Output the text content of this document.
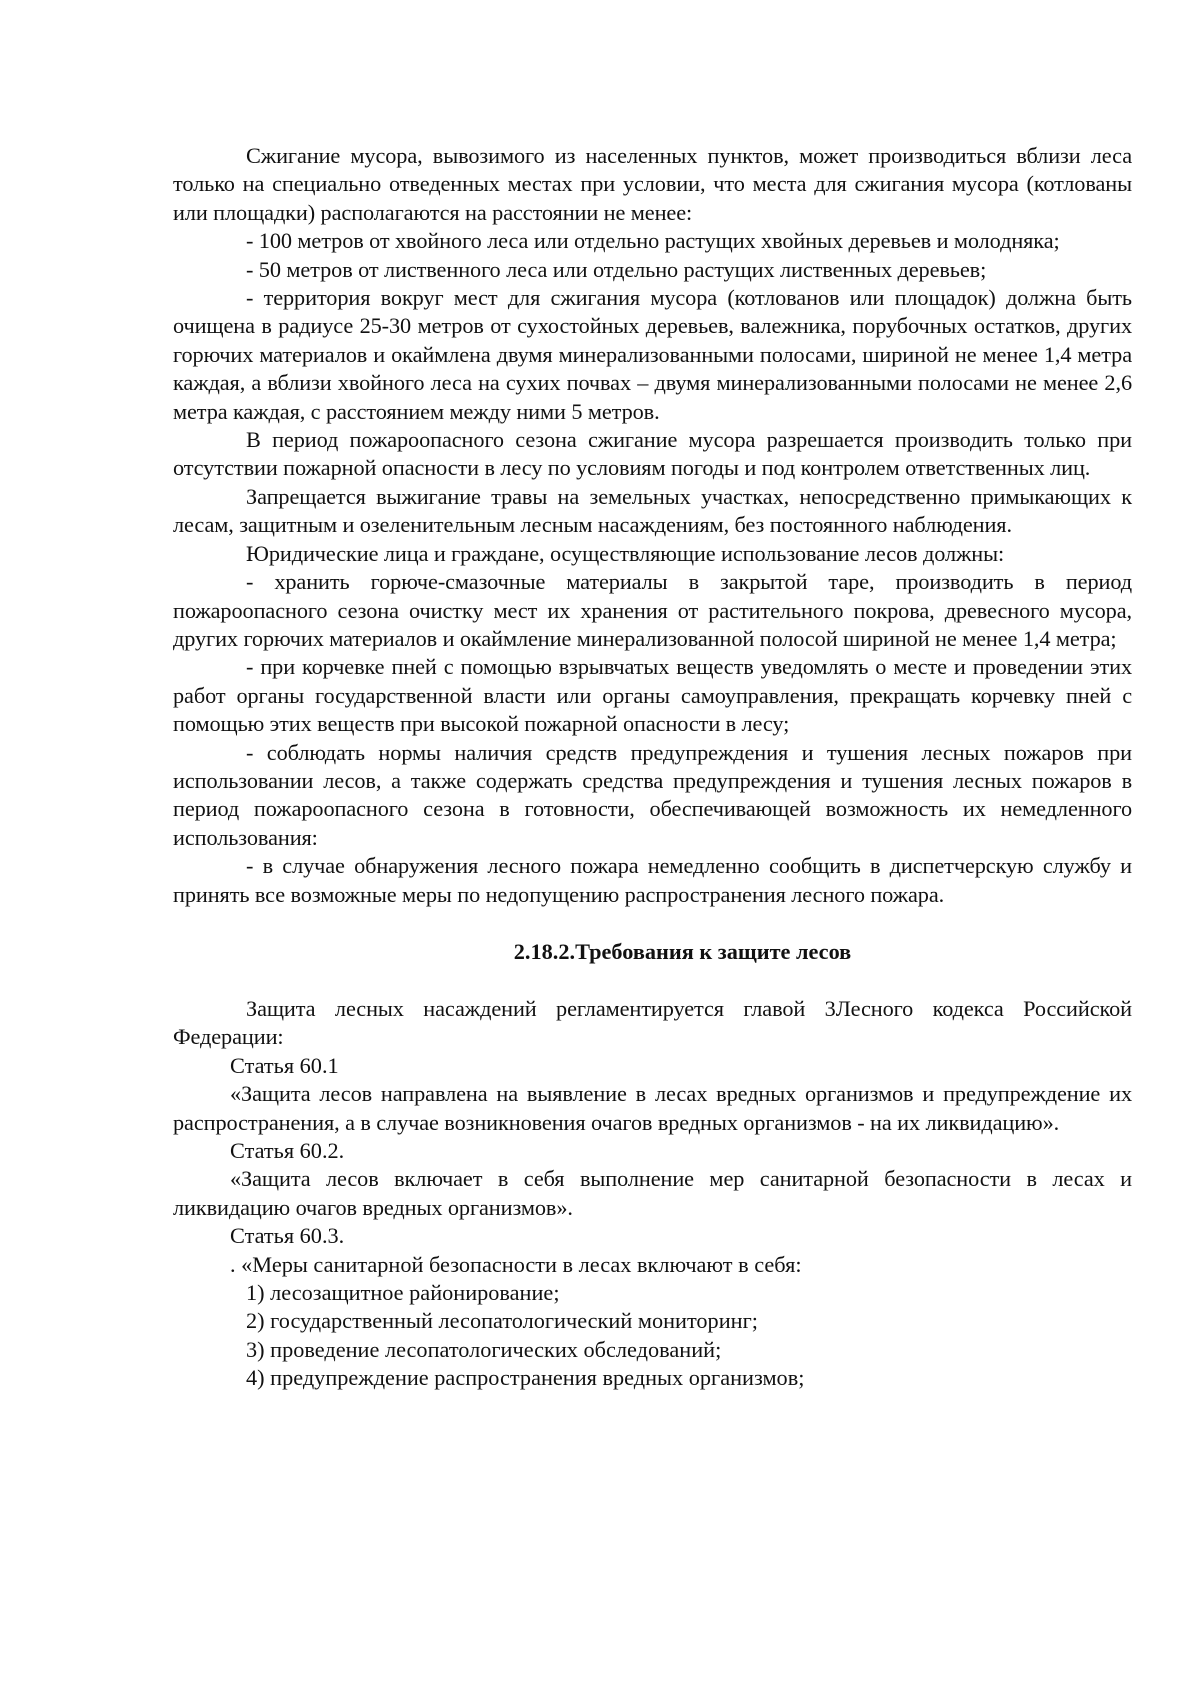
Сжигание мусора, вывозимого из населенных пунктов, может производиться вблизи леса только на специально отведенных местах при условии, что места для сжигания мусора (котлованы или площадки) располагаются на расстоянии не менее:

- 100 метров от хвойного леса или отдельно растущих хвойных деревьев и молодняка;

- 50 метров от лиственного леса или отдельно растущих лиственных деревьев;

- территория вокруг мест для сжигания мусора (котлованов или площадок) должна быть очищена в радиусе 25-30 метров от сухостойных деревьев, валежника, порубочных остатков, других горючих материалов и окаймлена двумя минерализованными полосами, шириной не менее 1,4 метра каждая, а вблизи хвойного леса на сухих почвах – двумя минерализованными полосами не менее 2,6 метра каждая, с расстоянием между ними 5 метров.

В период пожароопасного сезона сжигание мусора разрешается производить только при отсутствии пожарной опасности в лесу по условиям погоды и под контролем ответственных лиц.

Запрещается выжигание травы на земельных участках, непосредственно примыкающих к лесам, защитным и озеленительным лесным насаждениям, без постоянного наблюдения.

Юридические лица и граждане, осуществляющие использование лесов должны:

- хранить горюче-смазочные материалы в закрытой таре, производить в период пожароопасного сезона очистку мест их хранения от растительного покрова, древесного мусора, других горючих материалов и окаймление минерализованной полосой шириной не менее 1,4 метра;

- при корчевке пней с помощью взрывчатых веществ уведомлять о месте и проведении этих работ органы государственной власти или органы самоуправления, прекращать корчевку пней с помощью этих веществ при высокой пожарной опасности в лесу;

- соблюдать нормы наличия средств предупреждения и тушения лесных пожаров при использовании лесов, а также содержать средства предупреждения и тушения лесных пожаров в период пожароопасного сезона в готовности, обеспечивающей возможность их немедленного использования:

- в случае обнаружения лесного пожара немедленно сообщить в диспетчерскую службу и принять все возможные меры по недопущению распространения лесного пожара.

2.18.2.Требования к защите лесов

Защита лесных насаждений регламентируется главой 3Лесного кодекса Российской Федерации:

Статья 60.1

«Защита лесов направлена на выявление в лесах вредных организмов и предупреждение их распространения, а в случае возникновения очагов вредных организмов - на их ликвидацию».

Статья 60.2.

«Защита лесов включает в себя выполнение мер санитарной безопасности в лесах и ликвидацию очагов вредных организмов».

Статья 60.3.

. «Меры санитарной безопасности в лесах включают в себя:

1) лесозащитное районирование;

2) государственный лесопатологический мониторинг;

3) проведение лесопатологических обследований;

4) предупреждение распространения вредных организмов;
